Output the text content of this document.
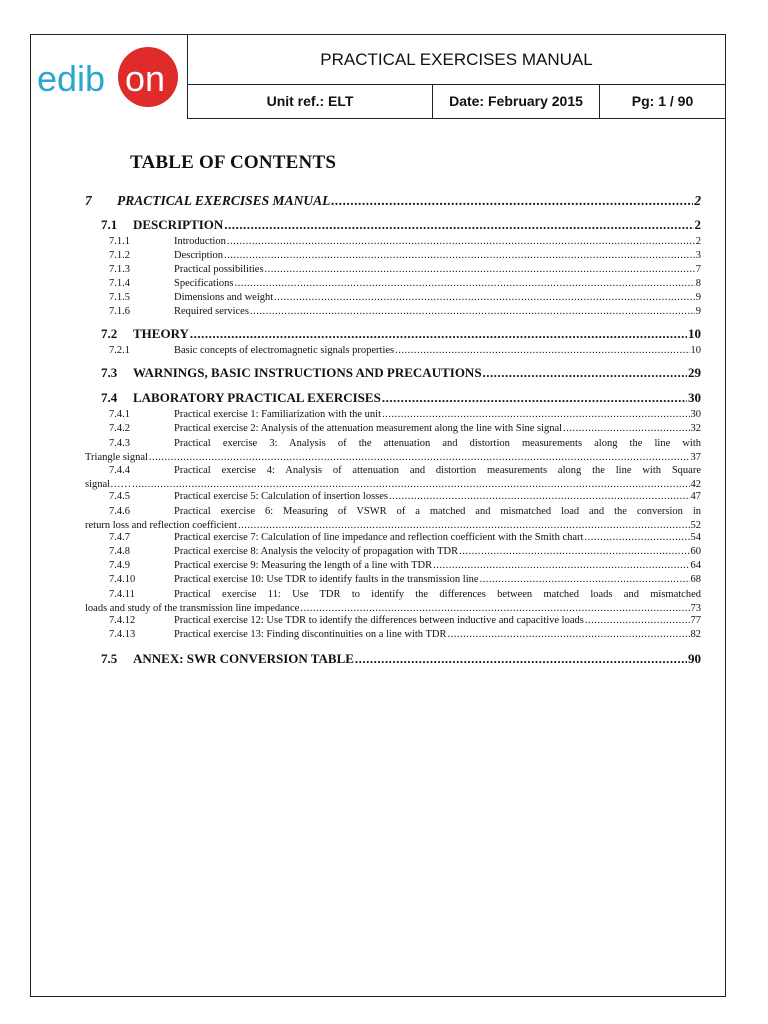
edib on	PRACTICAL EXERCISES MANUAL
Unit ref.: ELT	Date: February 2015	Pg: 1 / 90
TABLE OF CONTENTS
7	PRACTICAL EXERCISES MANUAL .....	2
7.1	DESCRIPTION .....	2
7.1.1	Introduction .....	2
7.1.2	Description .....	3
7.1.3	Practical possibilities .....	7
7.1.4	Specifications .....	8
7.1.5	Dimensions and weight .....	9
7.1.6	Required services .....	9
7.2	THEORY .....	10
7.2.1	Basic concepts of electromagnetic signals properties .....	10
7.3	WARNINGS, BASIC INSTRUCTIONS AND PRECAUTIONS .....	29
7.4	LABORATORY PRACTICAL EXERCISES .....	30
7.4.1	Practical exercise 1: Familiarization with the unit .....	30
7.4.2	Practical exercise 2: Analysis of the attenuation measurement along the line with Sine signal .....	32
7.4.3	Practical exercise 3: Analysis of the attenuation and distortion measurements along the line with
Triangle signal .....	37
7.4.4	Practical exercise 4: Analysis of attenuation and distortion measurements along the line with Square
signal…… .....	42
7.4.5	Practical exercise 5: Calculation of insertion losses .....	47
7.4.6	Practical exercise 6: Measuring of VSWR of a matched and mismatched load and the conversion in
return loss and reflection coefficient .....	52
7.4.7	Practical exercise 7: Calculation of line impedance and reflection coefficient with the Smith chart .....	54
7.4.8	Practical exercise 8: Analysis the velocity of propagation with TDR .....	60
7.4.9	Practical exercise 9: Measuring the length of a line with TDR .....	64
7.4.10	Practical exercise 10: Use TDR to identify faults in the transmission line .....	68
7.4.11	Practical exercise 11: Use TDR to identify the differences between matched loads and mismatched
loads and study of the transmission line impedance .....	73
7.4.12	Practical exercise 12: Use TDR to identify the differences between inductive and capacitive loads .....	77
7.4.13	Practical exercise 13: Finding discontinuities on a line with TDR .....	82
7.5	ANNEX: SWR CONVERSION TABLE .....	90
